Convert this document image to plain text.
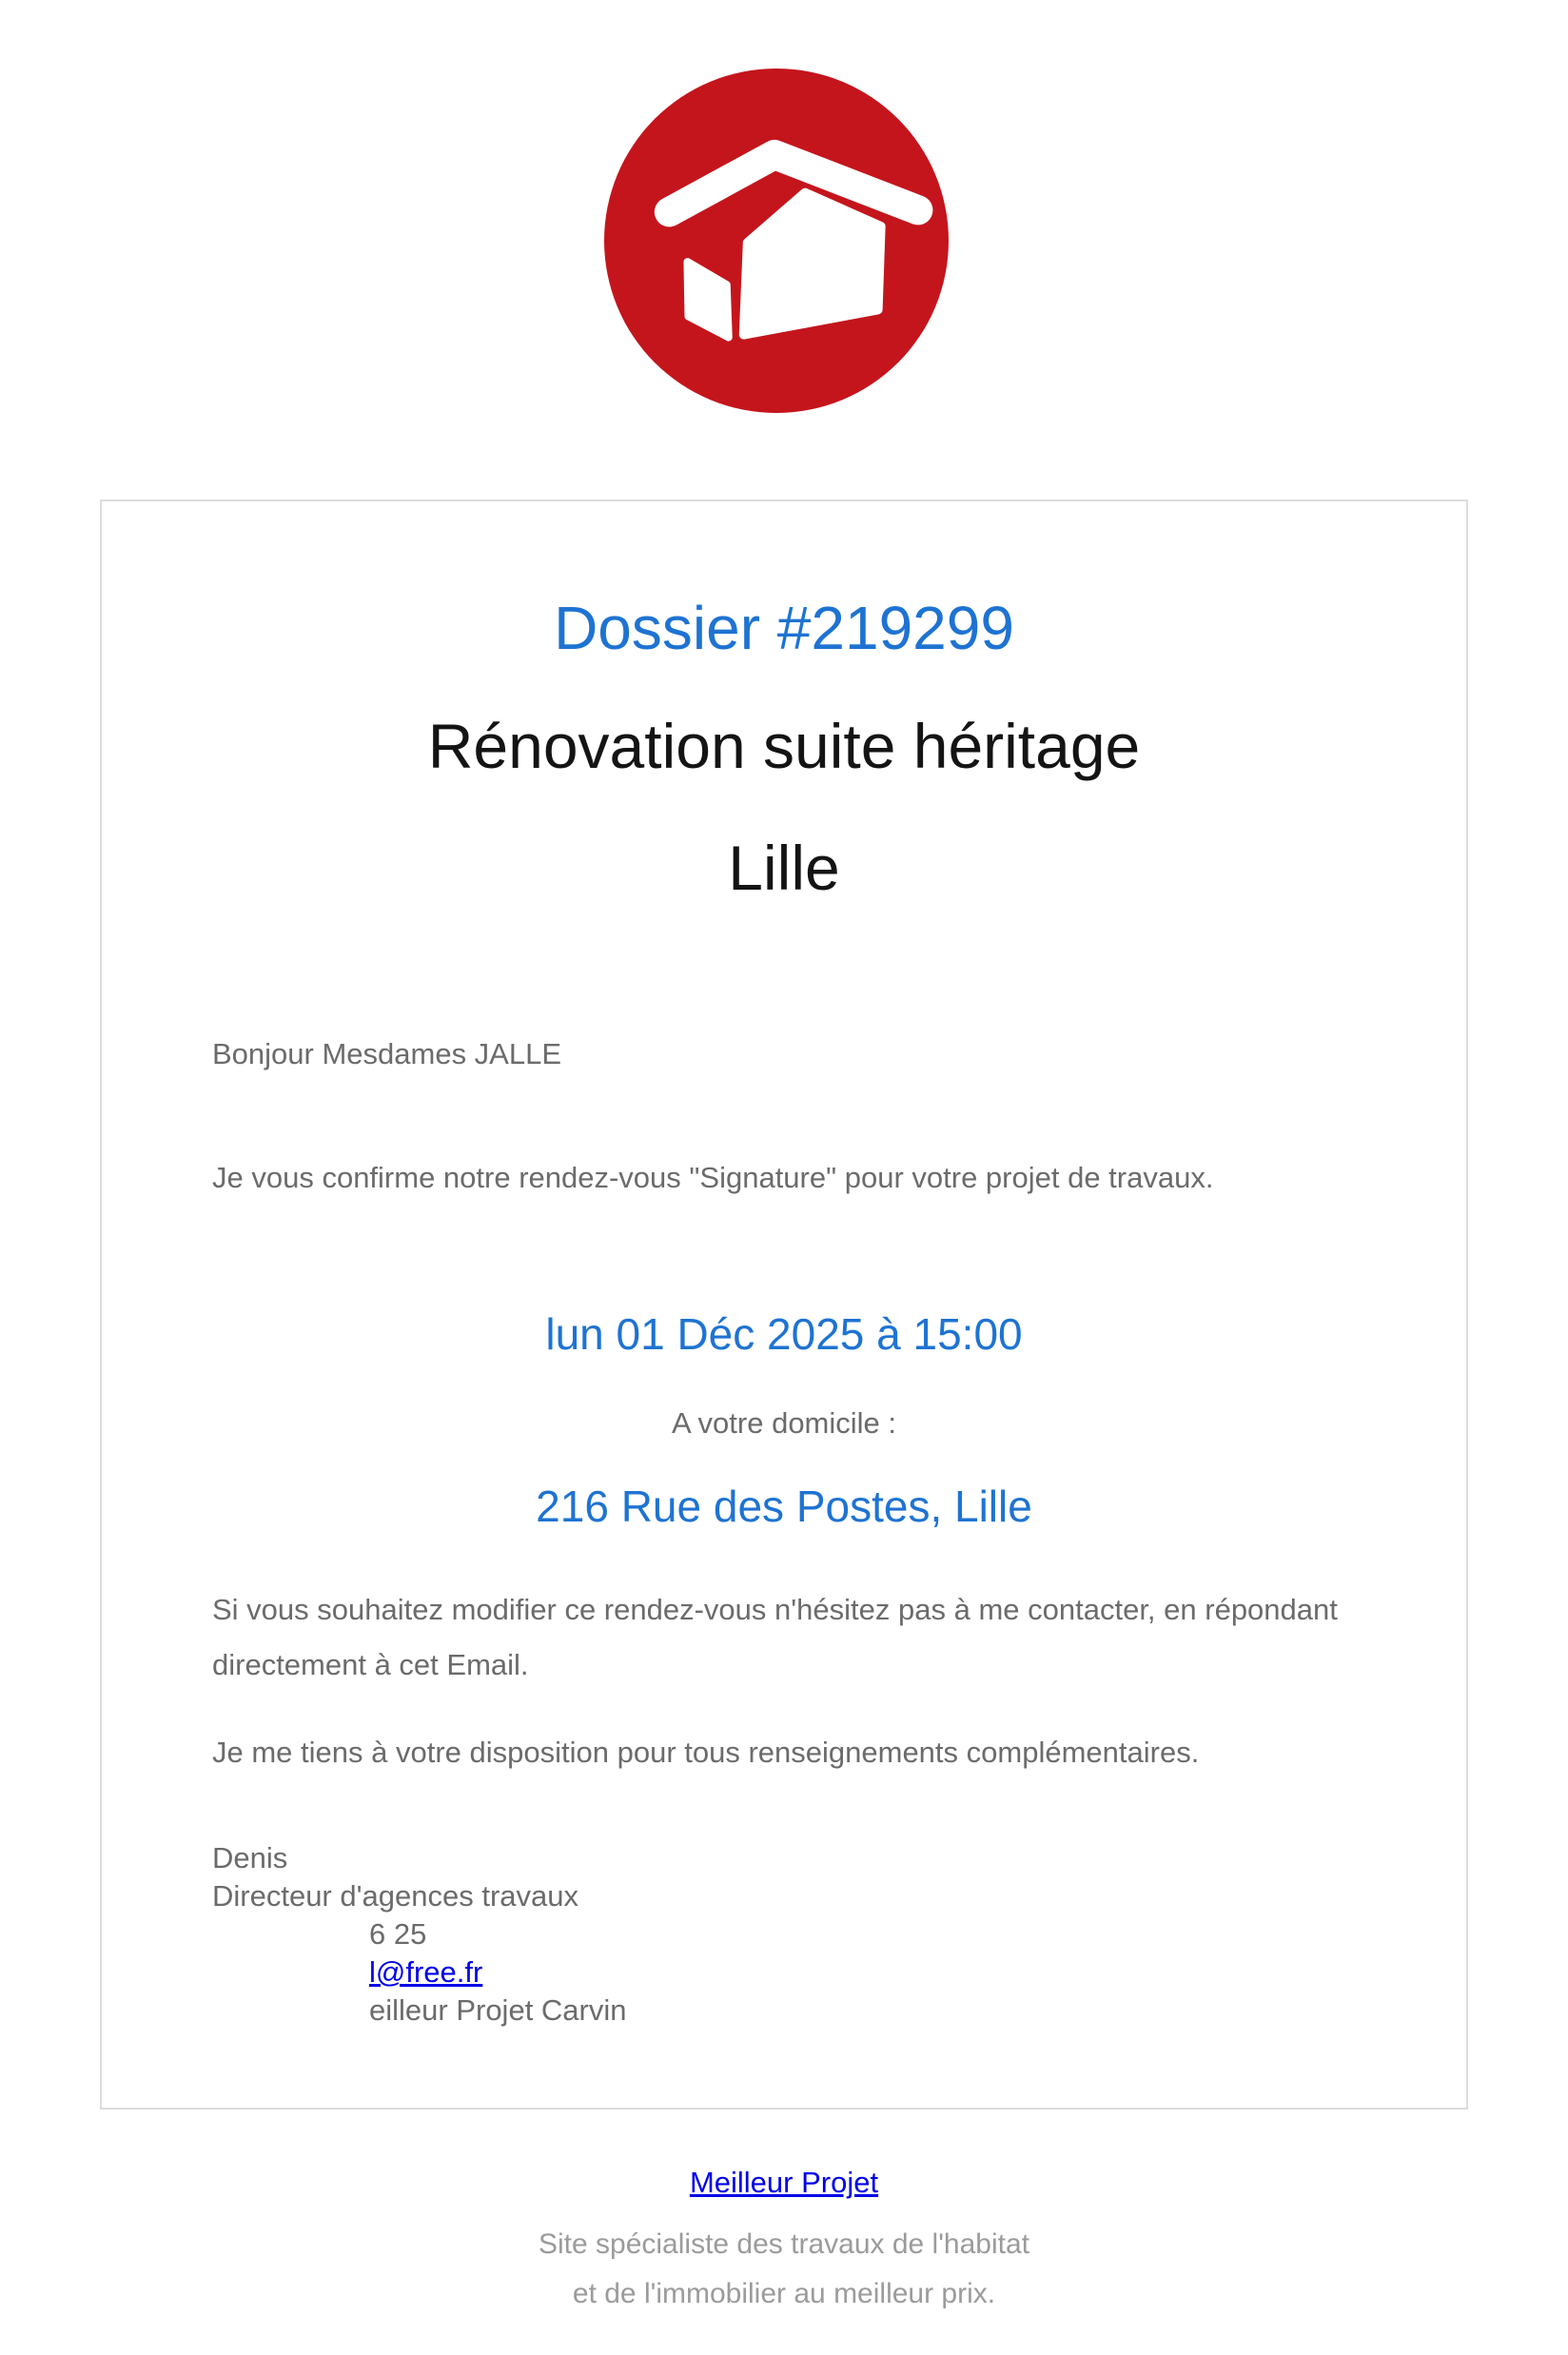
Dossier #219299
Rénovation suite héritage
Lille

Bonjour Mesdames JALLE

Je vous confirme notre rendez-vous "Signature" pour votre projet de travaux.

lun 01 Déc 2025 à 15:00

A votre domicile :

216 Rue des Postes, Lille

Si vous souhaitez modifier ce rendez-vous n'hésitez pas à me contacter, en répondant directement à cet Email.

Je me tiens à votre disposition pour tous renseignements complémentaires.

Denis

Directeur d'agences travaux

6 25

l@free.fr

eilleur Projet Carvin

Meilleur Projet

Site spécialiste des travaux de l'habitat
et de l'immobilier au meilleur prix.
